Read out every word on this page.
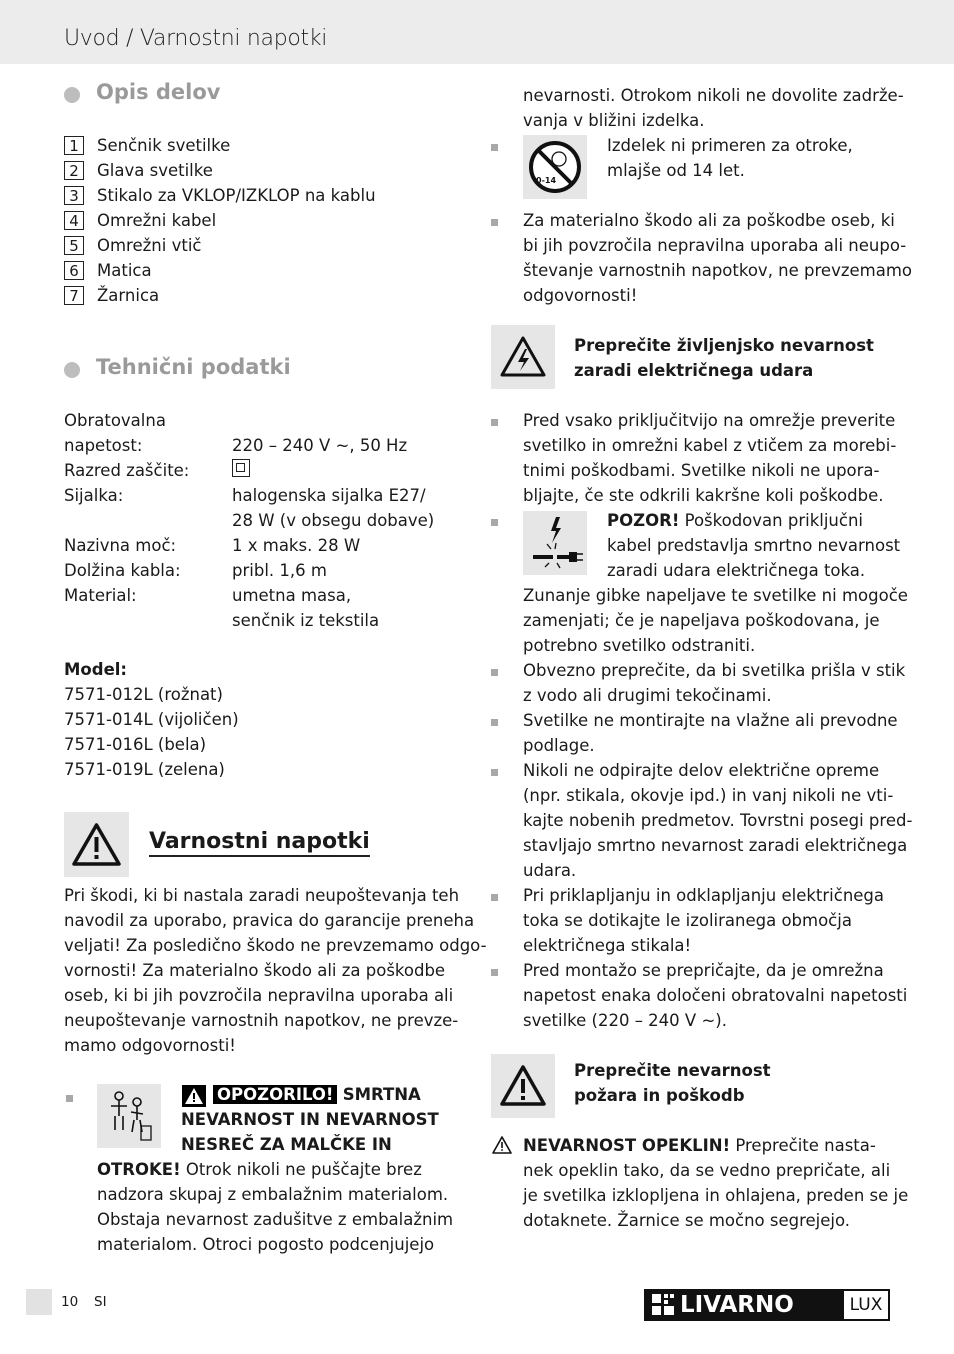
Uvod / Varnostni napotki
Opis delov
1	Senčnik svetilke
2	Glava svetilke
3	Stikalo za VKLOP/IZKLOP na kablu
4	Omrežni kabel
5	Omrežni vtič
6	Matica
7	Žarnica
Tehnični podatki
Obratovalna
napetost:	220 – 240 V ~, 50 Hz
Razred zaščite:
Sijalka:	halogenska sijalka E27/
28 W (v obsegu dobave)
Nazivna moč:	1 x maks. 28 W
Dolžina kabla:	pribl. 1,6 m
Material:	umetna masa,
senčnik iz tekstila
Model:
7571-012L (rožnat)
7571-014L (vijoličen)
7571-016L (bela)
7571-019L (zelena)
Varnostni napotki
Pri škodi, ki bi nastala zaradi neupoštevanja teh
navodil za uporabo, pravica do garancije preneha
veljati! Za posledično škodo ne prevzemamo odgo-
vornosti! Za materialno škodo ali za poškodbe
oseb, ki bi jih povzročila nepravilna uporaba ali
neupoštevanje varnostnih napotkov, ne prevze-
mamo odgovornosti!
OPOZORILO! SMRTNA
NEVARNOST IN NEVARNOST
NESREČ ZA MALČKE IN
OTROKE! Otrok nikoli ne puščajte brez
nadzora skupaj z embalažnim materialom.
Obstaja nevarnost zadušitve z embalažnim
materialom. Otroci pogosto podcenjujejo
nevarnosti. Otrokom nikoli ne dovolite zadrže-
vanja v bližini izdelka.
0-14
Izdelek ni primeren za otroke,
mlajše od 14 let.
Za materialno škodo ali za poškodbe oseb, ki
bi jih povzročila nepravilna uporaba ali neupo-
števanje varnostnih napotkov, ne prevzemamo
odgovornosti!
Preprečite življenjsko nevarnost
zaradi električnega udara
Pred vsako priključitvijo na omrežje preverite
svetilko in omrežni kabel z vtičem za morebi-
tnimi poškodbami. Svetilke nikoli ne upora-
bljajte, če ste odkrili kakršne koli poškodbe.
POZOR! Poškodovan priključni
kabel predstavlja smrtno nevarnost
zaradi udara električnega toka.
Zunanje gibke napeljave te svetilke ni mogoče
zamenjati; če je napeljava poškodovana, je
potrebno svetilko odstraniti.
Obvezno preprečite, da bi svetilka prišla v stik
z vodo ali drugimi tekočinami.
Svetilke ne montirajte na vlažne ali prevodne
podlage.
Nikoli ne odpirajte delov električne opreme
(npr. stikala, okovje ipd.) in vanj nikoli ne vti-
kajte nobenih predmetov. Tovrstni posegi pred-
stavljajo smrtno nevarnost zaradi električnega
udara.
Pri priklapljanju in odklapljanju električnega
toka se dotikajte le izoliranega območja
električnega stikala!
Pred montažo se prepričajte, da je omrežna
napetost enaka določeni obratovalni napetosti
svetilke (220 – 240 V ~).
Preprečite nevarnost
požara in poškodb
NEVARNOST OPEKLIN! Preprečite nasta-
nek opeklin tako, da se vedno prepričate, ali
je svetilka izklopljena in ohlajena, preden se je
dotaknete. Žarnice se močno segrejejo.
10 SI	LIVARNO	LUX
